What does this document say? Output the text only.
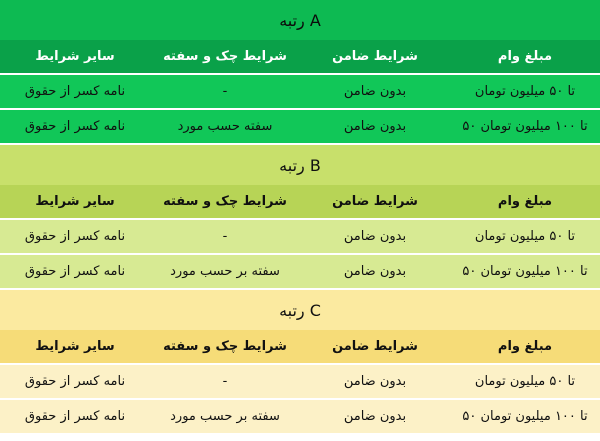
رتبه A
مبلغ وام
شرایط ضامن
شرایط چک و سفته
سایر شرایط
تا ۵۰ میلیون تومان
بدون ضامن
-
نامه کسر از حقوق
۵۰ تا ۱۰۰ میلیون تومان
بدون ضامن
سفته حسب مورد
نامه کسر از حقوق
رتبه B
مبلغ وام
شرایط ضامن
شرایط چک و سفته
سایر شرایط
تا ۵۰ میلیون تومان
بدون ضامن
-
نامه کسر از حقوق
۵۰ تا ۱۰۰ میلیون تومان
بدون ضامن
سفته بر حسب مورد
نامه کسر از حقوق
رتبه C
مبلغ وام
شرایط ضامن
شرایط چک و سفته
سایر شرایط
تا ۵۰ میلیون تومان
بدون ضامن
-
نامه کسر از حقوق
۵۰ تا ۱۰۰ میلیون تومان
بدون ضامن
سفته بر حسب مورد
نامه کسر از حقوق
